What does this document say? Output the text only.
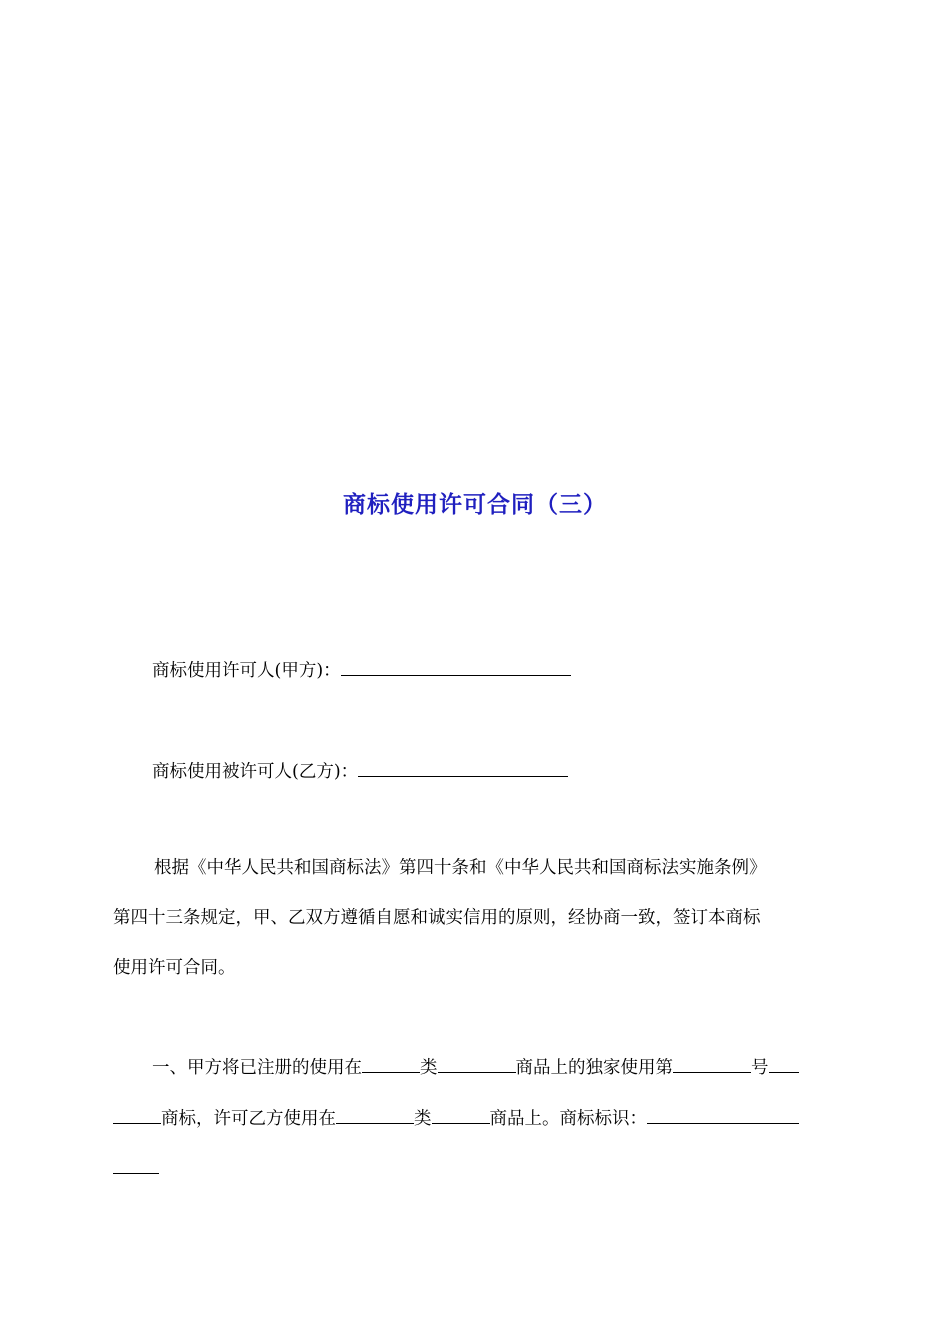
商标使用许可合同（三）
商标使用许可人(甲方)：
商标使用被许可人(乙方)：
根据《中华人民共和国商标法》第四十条和《中华人民共和国商标法实施条例》
第四十三条规定，甲、乙双方遵循自愿和诚实信用的原则，经协商一致，签订本商标
使用许可合同。
一、甲方将已注册的使用在	类	商品上的独家使用第	号
商标，许可乙方使用在	类	商品上。商标标识：
